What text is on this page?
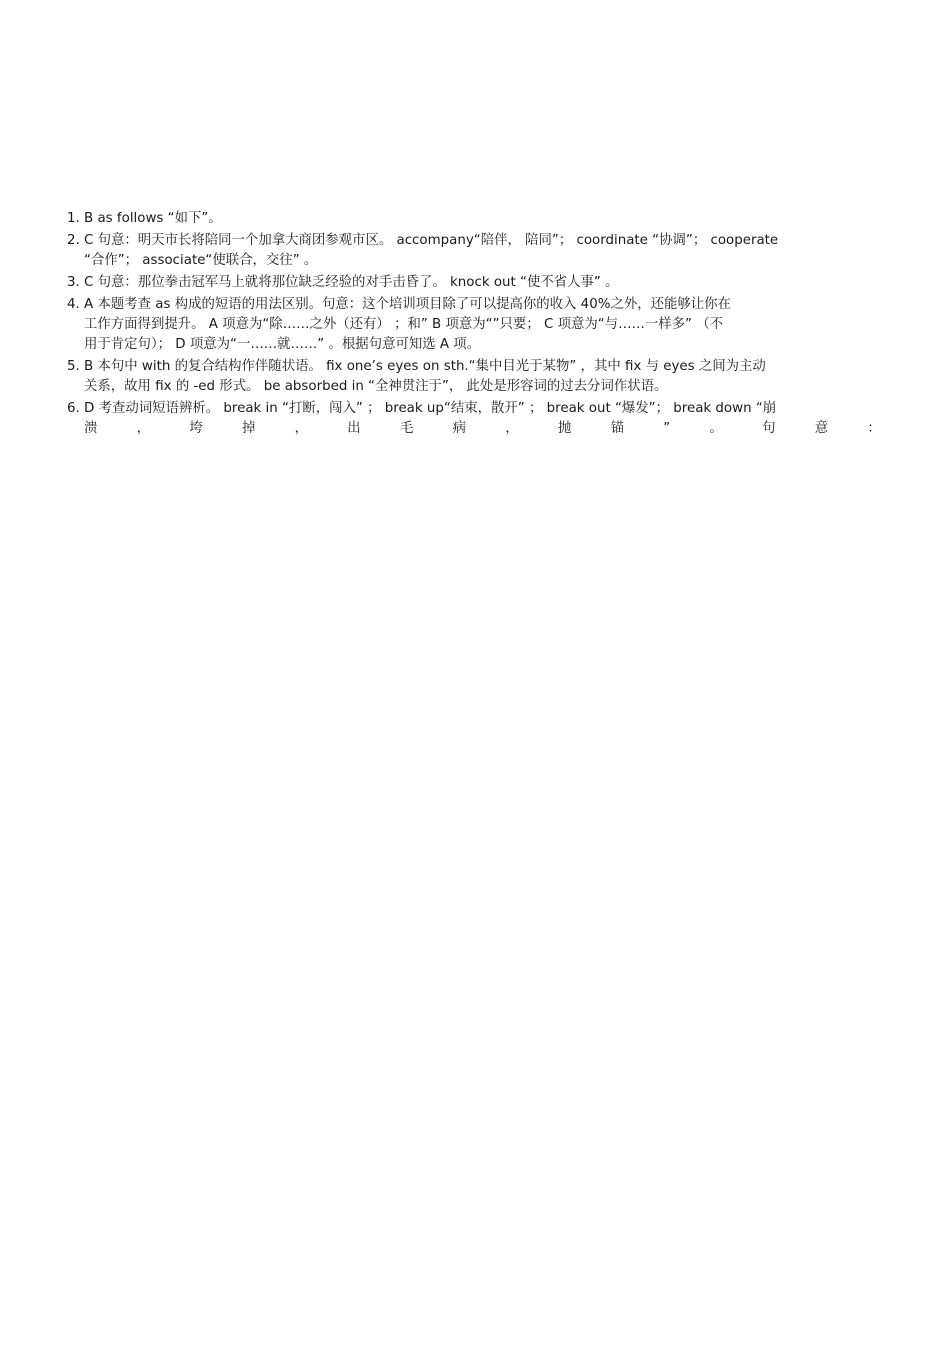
1. B as follows “如下”。
2. C 句意：明天市长将陪同一个加拿大商团参观市区。 accompany“陪伴， 陪同”； coordinate “协调”； cooperate
“合作”； associate“使联合，交往” 。
3. C 句意：那位拳击冠军马上就将那位缺乏经验的对手击昏了。 knock out “使不省人事” 。
4. A 本题考查 as 构成的短语的用法区别。句意：这个培训项目除了可以提高你的收入 40%之外，还能够让你在
工作方面得到提升。 A 项意为“除……之外（还有） ；和” B 项意为“”只要； C 项意为“与……一样多” （不
用于肯定句）； D 项意为“一……就……” 。根据句意可知选 A 项。
5. B 本句中 with 的复合结构作伴随状语。 fix one’s eyes on sth.“集中目光于某物” ，其中 fix 与 eyes 之间为主动
关系，故用 fix 的 -ed 形式。 be absorbed in “全神贯注于”， 此处是形容词的过去分词作状语。
6. D 考查动词短语辨析。 break in “打断，闯入” ； break up“结束，散开” ； break out “爆发”； break down “崩
溃	，	垮	掉	，	出	毛	病	，	抛	锚	”	。	句	意	：
